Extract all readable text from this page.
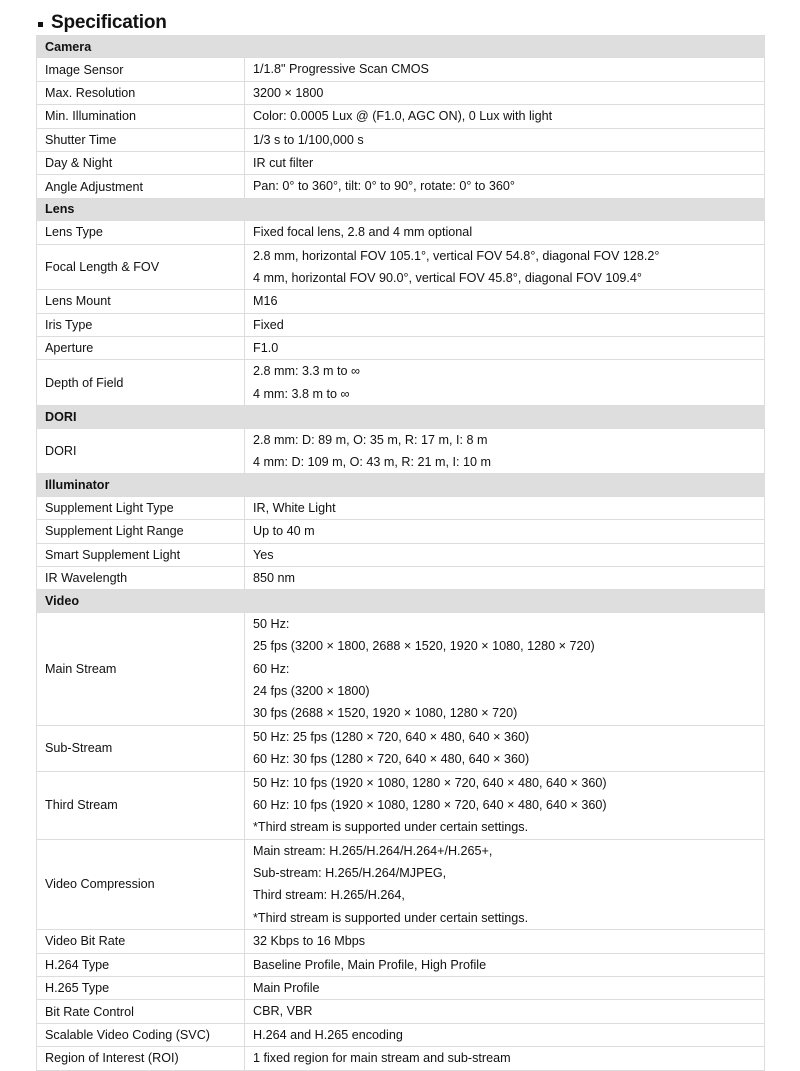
Specification
Camera	
Image Sensor	1/1.8" Progressive Scan CMOS

Max. Resolution	3200 × 1800

Min. Illumination	Color: 0.0005 Lux @ (F1.0, AGC ON), 0 Lux with light

Shutter Time	1/3 s to 1/100,000 s

Day & Night	IR cut filter

Angle Adjustment	Pan: 0° to 360°, tilt: 0° to 90°, rotate: 0° to 360°

Lens	
Lens Type	Fixed focal lens, 2.8 and 4 mm optional

Focal Length & FOV	2.8 mm, horizontal FOV 105.1°, vertical FOV 54.8°, diagonal FOV 128.2°
4 mm, horizontal FOV 90.0°, vertical FOV 45.8°, diagonal FOV 109.4°

Lens Mount	M16

Iris Type	Fixed

Aperture	F1.0

Depth of Field	2.8 mm: 3.3 m to ∞
4 mm: 3.8 m to ∞

DORI	
DORI	2.8 mm: D: 89 m, O: 35 m, R: 17 m, I: 8 m
4 mm: D: 109 m, O: 43 m, R: 21 m, I: 10 m

Illuminator	
Supplement Light Type	IR, White Light

Supplement Light Range	Up to 40 m

Smart Supplement Light	Yes

IR Wavelength	850 nm

Video	
Main Stream	50 Hz:
25 fps (3200 × 1800, 2688 × 1520, 1920 × 1080, 1280 × 720)
60 Hz:
24 fps (3200 × 1800)
30 fps (2688 × 1520, 1920 × 1080, 1280 × 720)

Sub-Stream	50 Hz: 25 fps (1280 × 720, 640 × 480, 640 × 360)
60 Hz: 30 fps (1280 × 720, 640 × 480, 640 × 360)

Third Stream	50 Hz: 10 fps (1920 × 1080, 1280 × 720, 640 × 480, 640 × 360)
60 Hz: 10 fps (1920 × 1080, 1280 × 720, 640 × 480, 640 × 360)
*Third stream is supported under certain settings.

Video Compression	Main stream: H.265/H.264/H.264+/H.265+,
Sub-stream: H.265/H.264/MJPEG,
Third stream: H.265/H.264,
*Third stream is supported under certain settings.

Video Bit Rate	32 Kbps to 16 Mbps

H.264 Type	Baseline Profile, Main Profile, High Profile

H.265 Type	Main Profile

Bit Rate Control	CBR, VBR

Scalable Video Coding (SVC)	H.264 and H.265 encoding

Region of Interest (ROI)	1 fixed region for main stream and sub-stream
